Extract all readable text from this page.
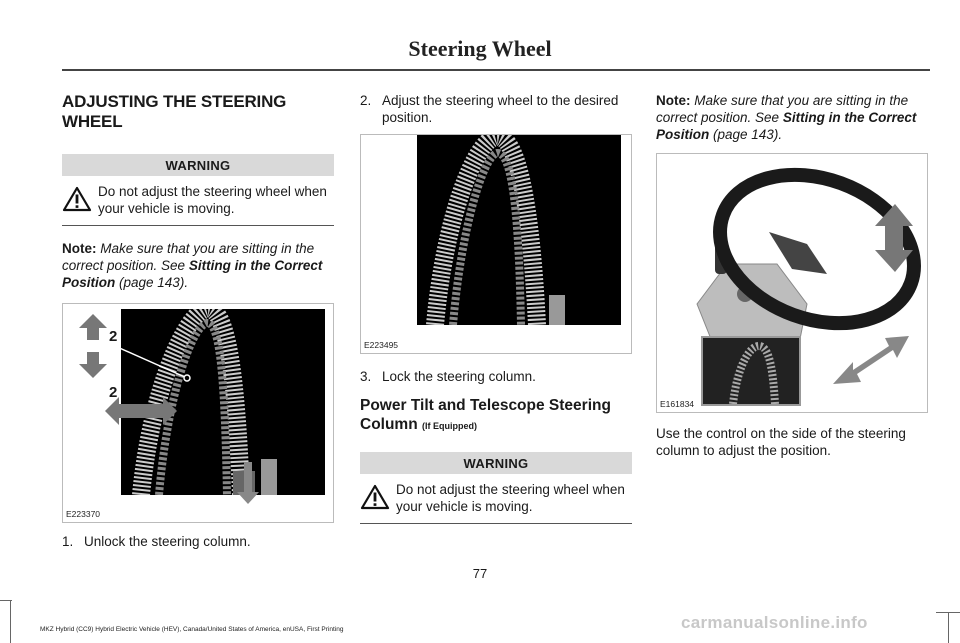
Steering Wheel
ADJUSTING THE STEERING WHEEL
WARNING
Do not adjust the steering wheel when your vehicle is moving.
Note: Make sure that you are sitting in the correct position. See Sitting in the Correct Position (page 143).
2
2
E223370
1. Unlock the steering column.
2. Adjust the steering wheel to the desired position.
E223495
3. Lock the steering column.
Power Tilt and Telescope Steering Column (If Equipped)
WARNING
Do not adjust the steering wheel when your vehicle is moving.
Note: Make sure that you are sitting in the correct position. See Sitting in the Correct Position (page 143).
E161834
Use the control on the side of the steering column to adjust the position.
77
MKZ Hybrid (CC9) Hybrid Electric Vehicle (HEV), Canada/United States of America, enUSA, First Printing	carmanualsonline.info
